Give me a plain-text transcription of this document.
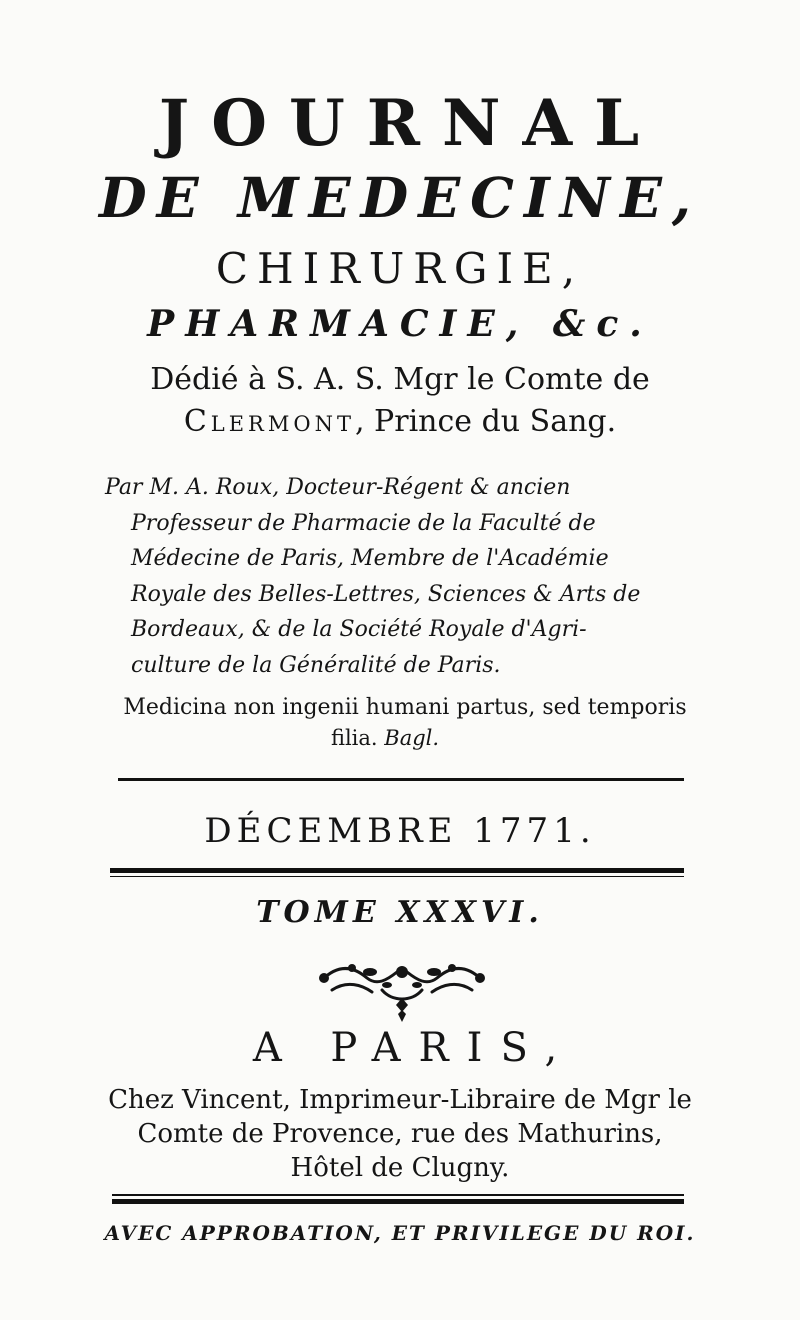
JOURNAL
DE MEDECINE,
CHIRURGIE,
PHARMACIE, &c.
Dédié à S. A. S. Mgr le Comte de
Clermont, Prince du Sang.

Par M. A. Roux, Docteur-Régent & ancien

Professeur de Pharmacie de la Faculté de

Médecine de Paris, Membre de l'Académie

Royale des Belles-Lettres, Sciences & Arts de

Bordeaux, & de la Société Royale d'Agri-

culture de la Généralité de Paris.

Medicina non ingenii humani partus, sed temporis
filia. Bagl.
DÉCEMBRE 1771.
TOME XXXVI.
A PARIS,
Chez Vincent, Imprimeur-Libraire de Mgr le
Comte de Provence, rue des Mathurins,
Hôtel de Clugny.
AVEC APPROBATION, ET PRIVILEGE DU ROI.
